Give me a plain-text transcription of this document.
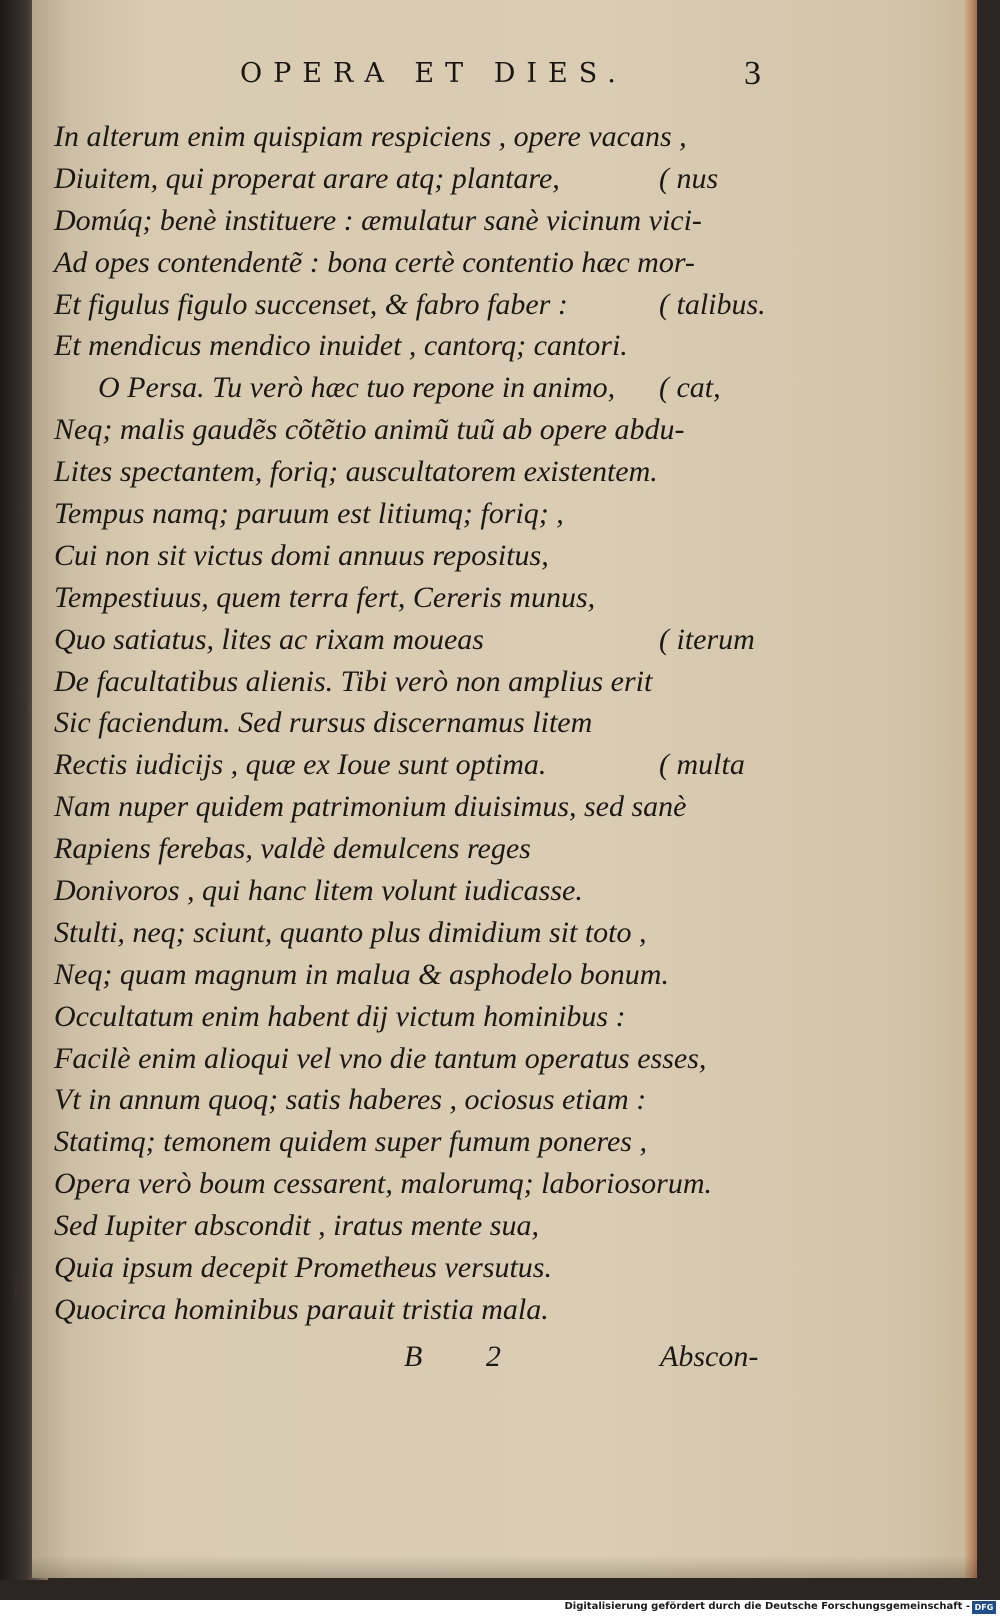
OPERA ET DIES.	3
In alterum enim quispiam respiciens , opere vacans ,
Diuitem, qui properat arare atq; plantare,	( nus
Domúq; benè instituere : æmulatur sanè vicinum vici-
Ad opes contendentẽ : bona certè contentio hæc mor-
Et figulus figulo succenset, & fabro faber :	( talibus.
Et mendicus mendico inuidet , cantorq; cantori.
O Persa. Tu verò hæc tuo repone in animo, ( cat,
Neq; malis gaudẽs cõtẽtio animũ tuũ ab opere abdu-
Lites spectantem, foriq; auscultatorem existentem.
Tempus namq; paruum est litiumq; foriq; ,
Cui non sit victus domi annuus repositus,
Tempestiuus, quem terra fert, Cereris munus,
Quo satiatus, lites ac rixam moueas	( iterum
De facultatibus alienis. Tibi verò non amplius erit
Sic faciendum. Sed rursus discernamus litem
Rectis iudicijs , quæ ex Ioue sunt optima.	( multa
Nam nuper quidem patrimonium diuisimus, sed sanè
Rapiens ferebas, valdè demulcens reges
Donivoros , qui hanc litem volunt iudicasse.
Stulti, neq; sciunt, quanto plus dimidium sit toto ,
Neq; quam magnum in malua & asphodelo bonum.
Occultatum enim habent dij victum hominibus :
Facilè enim alioqui vel vno die tantum operatus esses,
Vt in annum quoq; satis haberes , ociosus etiam :
Statimq; temonem quidem super fumum poneres ,
Opera verò boum cessarent, malorumq; laboriosorum.
Sed Iupiter abscondit , iratus mente sua,
Quia ipsum decepit Prometheus versutus.
Quocirca hominibus parauit tristia mala.
B 2	Abscon-
)
}
Digitalisierung gefördert durch die Deutsche Forschungsgemeinschaft - DFG
